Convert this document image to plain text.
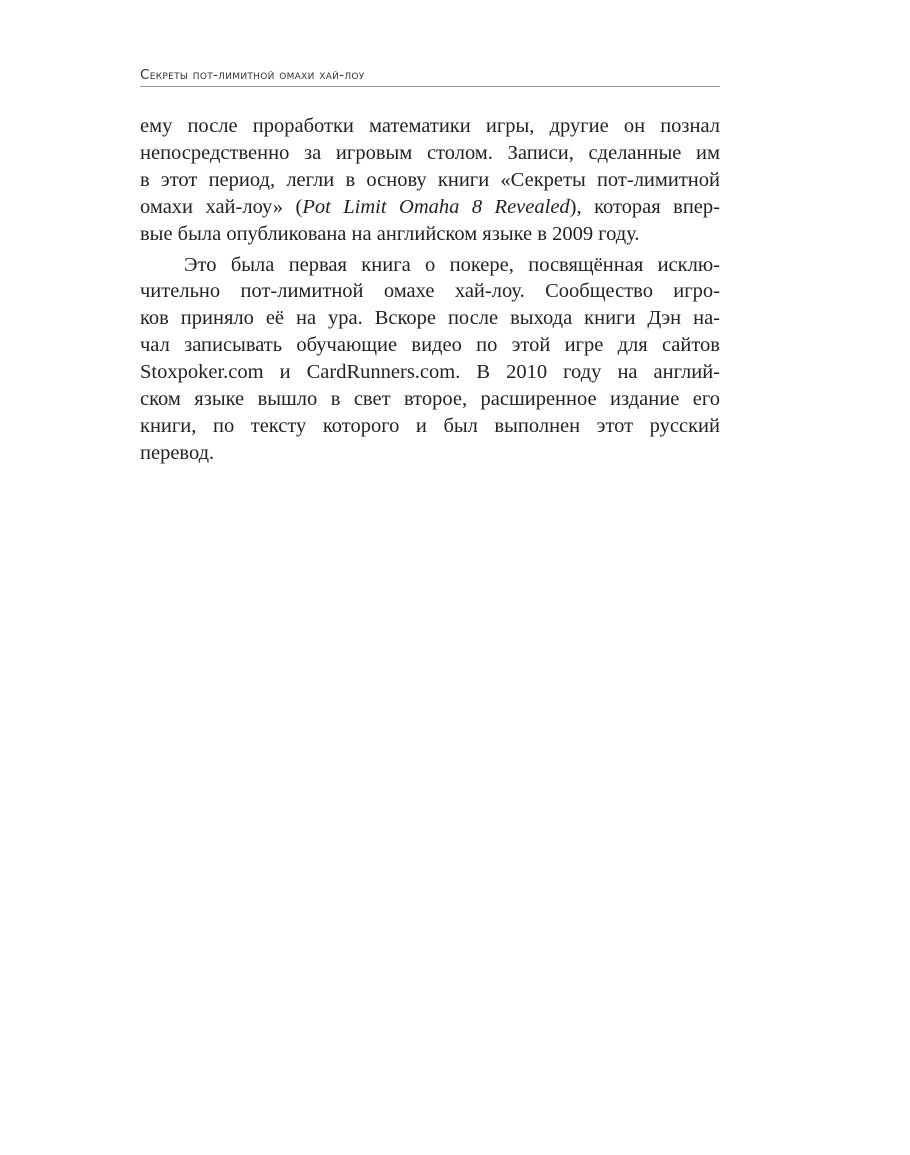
Секреты пот-лимитной омахи хай-лоу

ему после проработки математики игры, другие он познал
непосредственно за игровым столом. Записи, сделанные им
в этот период, легли в основу книги «Секреты пот-лимитной
омахи хай-лоу» (Pot Limit Omaha 8 Revealed), которая впер-
вые была опубликована на английском языке в 2009 году.

Это была первая книга о покере, посвящённая исклю-
чительно пот-лимитной омахе хай-лоу. Сообщество игро-
ков приняло её на ура. Вскоре после выхода книги Дэн на-
чал записывать обучающие видео по этой игре для сайтов
Stoxpoker.com и CardRunners.com. В 2010 году на англий-
ском языке вышло в свет второе, расширенное издание его
книги, по тексту которого и был выполнен этот русский
перевод.
